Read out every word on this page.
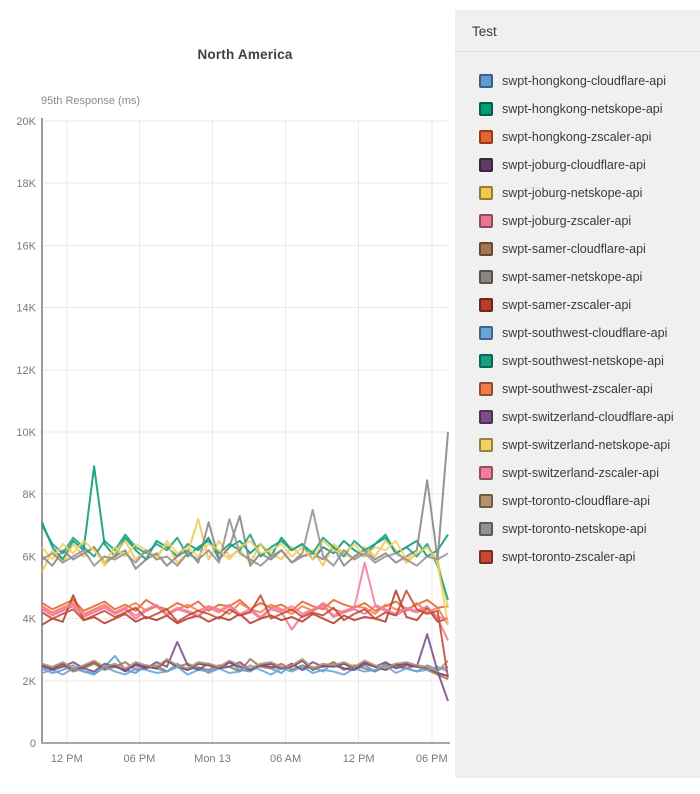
North America
95th Response (ms)
0
2K
4K
6K
8K
10K
12K
14K
16K
18K
20K
12 PM	06 PM	Mon 13	06 AM	12 PM	06 PM
Test
swpt-hongkong-cloudflare-api
swpt-hongkong-netskope-api
swpt-hongkong-zscaler-api
swpt-joburg-cloudflare-api
swpt-joburg-netskope-api
swpt-joburg-zscaler-api
swpt-samer-cloudflare-api
swpt-samer-netskope-api
swpt-samer-zscaler-api
swpt-southwest-cloudflare-api
swpt-southwest-netskope-api
swpt-southwest-zscaler-api
swpt-switzerland-cloudflare-api
swpt-switzerland-netskope-api
swpt-switzerland-zscaler-api
swpt-toronto-cloudflare-api
swpt-toronto-netskope-api
swpt-toronto-zscaler-api
